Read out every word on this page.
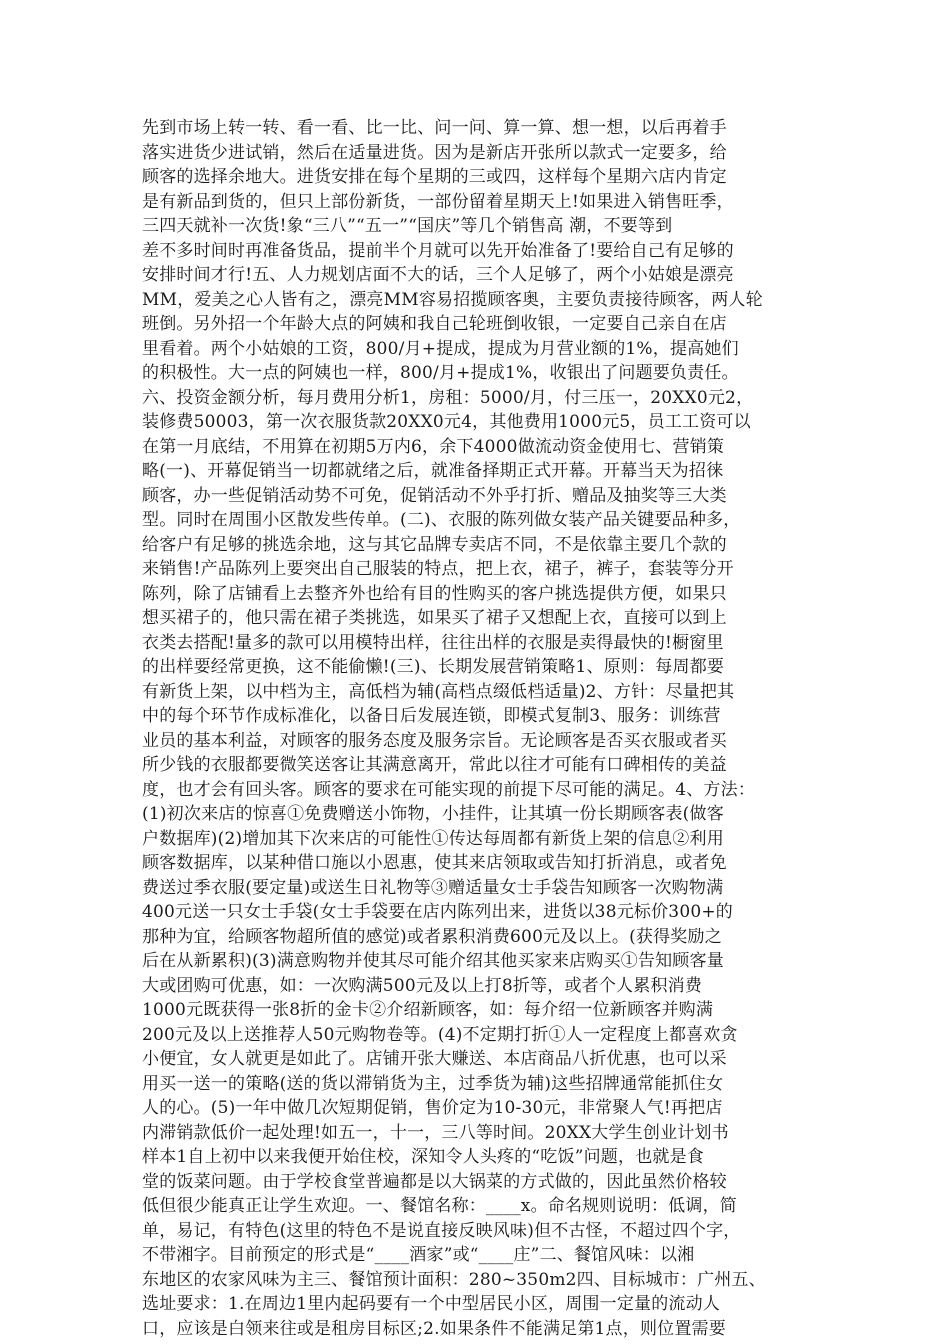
先到市场上转一转、看一看、比一比、问一问、算一算、想一想，以后再着手
落实进货少进试销，然后在适量进货。因为是新店开张所以款式一定要多，给
顾客的选择余地大。进货安排在每个星期的三或四，这样每个星期六店内肯定
是有新品到货的，但只上部份新货，一部份留着星期天上!如果进入销售旺季，
三四天就补一次货!象“三八”“五一”“国庆”等几个销售高 潮，不要等到
差不多时间时再准备货品，提前半个月就可以先开始准备了!要给自己有足够的
安排时间才行!五、人力规划店面不大的话，三个人足够了，两个小姑娘是漂亮
MM，爱美之心人皆有之，漂亮MM容易招揽顾客奥，主要负责接待顾客，两人轮
班倒。另外招一个年龄大点的阿姨和我自己轮班倒收银，一定要自己亲自在店
里看着。两个小姑娘的工资，800/月+提成，提成为月营业额的1%，提高她们
的积极性。大一点的阿姨也一样，800/月+提成1%，收银出了问题要负责任。
六、投资金额分析，每月费用分析1，房租：5000/月，付三压一，20XX0元2，
装修费50003，第一次衣服货款20XX0元4，其他费用1000元5，员工工资可以
在第一月底结，不用算在初期5万内6，余下4000做流动资金使用七、营销策
略(一)、开幕促销当一切都就绪之后，就准备择期正式开幕。开幕当天为招徕
顾客，办一些促销活动势不可免，促销活动不外乎打折、赠品及抽奖等三大类
型。同时在周围小区散发些传单。(二)、衣服的陈列做女装产品关键要品种多，
给客户有足够的挑选余地，这与其它品牌专卖店不同，不是依靠主要几个款的
来销售!产品陈列上要突出自己服装的特点，把上衣，裙子，裤子，套装等分开
陈列，除了店铺看上去整齐外也给有目的性购买的客户挑选提供方便，如果只
想买裙子的，他只需在裙子类挑选，如果买了裙子又想配上衣，直接可以到上
衣类去搭配!量多的款可以用模特出样，往往出样的衣服是卖得最快的!橱窗里
的出样要经常更换，这不能偷懒!(三)、长期发展营销策略1、原则：每周都要
有新货上架，以中档为主，高低档为辅(高档点缀低档适量)2、方针：尽量把其
中的每个环节作成标准化，以备日后发展连锁，即模式复制3、服务：训练营
业员的基本利益，对顾客的服务态度及服务宗旨。无论顾客是否买衣服或者买
所少钱的衣服都要微笑送客让其满意离开，常此以往才可能有口碑相传的美益
度，也才会有回头客。顾客的要求在可能实现的前提下尽可能的满足。4、方法：
(1)初次来店的惊喜①免费赠送小饰物，小挂件，让其填一份长期顾客表(做客
户数据库)(2)增加其下次来店的可能性①传达每周都有新货上架的信息②利用
顾客数据库，以某种借口施以小恩惠，使其来店领取或告知打折消息，或者免
费送过季衣服(要定量)或送生日礼物等③赠适量女士手袋告知顾客一次购物满
400元送一只女士手袋(女士手袋要在店内陈列出来，进货以38元标价300+的
那种为宜，给顾客物超所值的感觉)或者累积消费600元及以上。(获得奖励之
后在从新累积)(3)满意购物并使其尽可能介绍其他买家来店购买①告知顾客量
大或团购可优惠，如：一次购满500元及以上打8折等，或者个人累积消费
1000元既获得一张8折的金卡②介绍新顾客，如：每介绍一位新顾客并购满
200元及以上送推荐人50元购物卷等。(4)不定期打折①人一定程度上都喜欢贪
小便宜，女人就更是如此了。店铺开张大赚送、本店商品八折优惠，也可以采
用买一送一的策略(送的货以滞销货为主，过季货为辅)这些招牌通常能抓住女
人的心。(5)一年中做几次短期促销，售价定为10-30元，非常聚人气!再把店
内滞销款低价一起处理!如五一，十一，三八等时间。20XX大学生创业计划书
样本1自上初中以来我便开始住校，深知令人头疼的“吃饭”问题，也就是食
堂的饭菜问题。由于学校食堂普遍都是以大锅菜的方式做的，因此虽然价格较
低但很少能真正让学生欢迎。一、餐馆名称：____x。命名规则说明：低调，简
单，易记，有特色(这里的特色不是说直接反映风味)但不古怪，不超过四个字，
不带湘字。目前预定的形式是“____酒家”或“____庄”二、餐馆风味：以湘
东地区的农家风味为主三、餐馆预计面积：280~350m2四、目标城市：广州五、
选址要求：1.在周边1里内起码要有一个中型居民小区，周围一定量的流动人
口，应该是白领来往或是租房目标区;2.如果条件不能满足第1点，则位置需要
